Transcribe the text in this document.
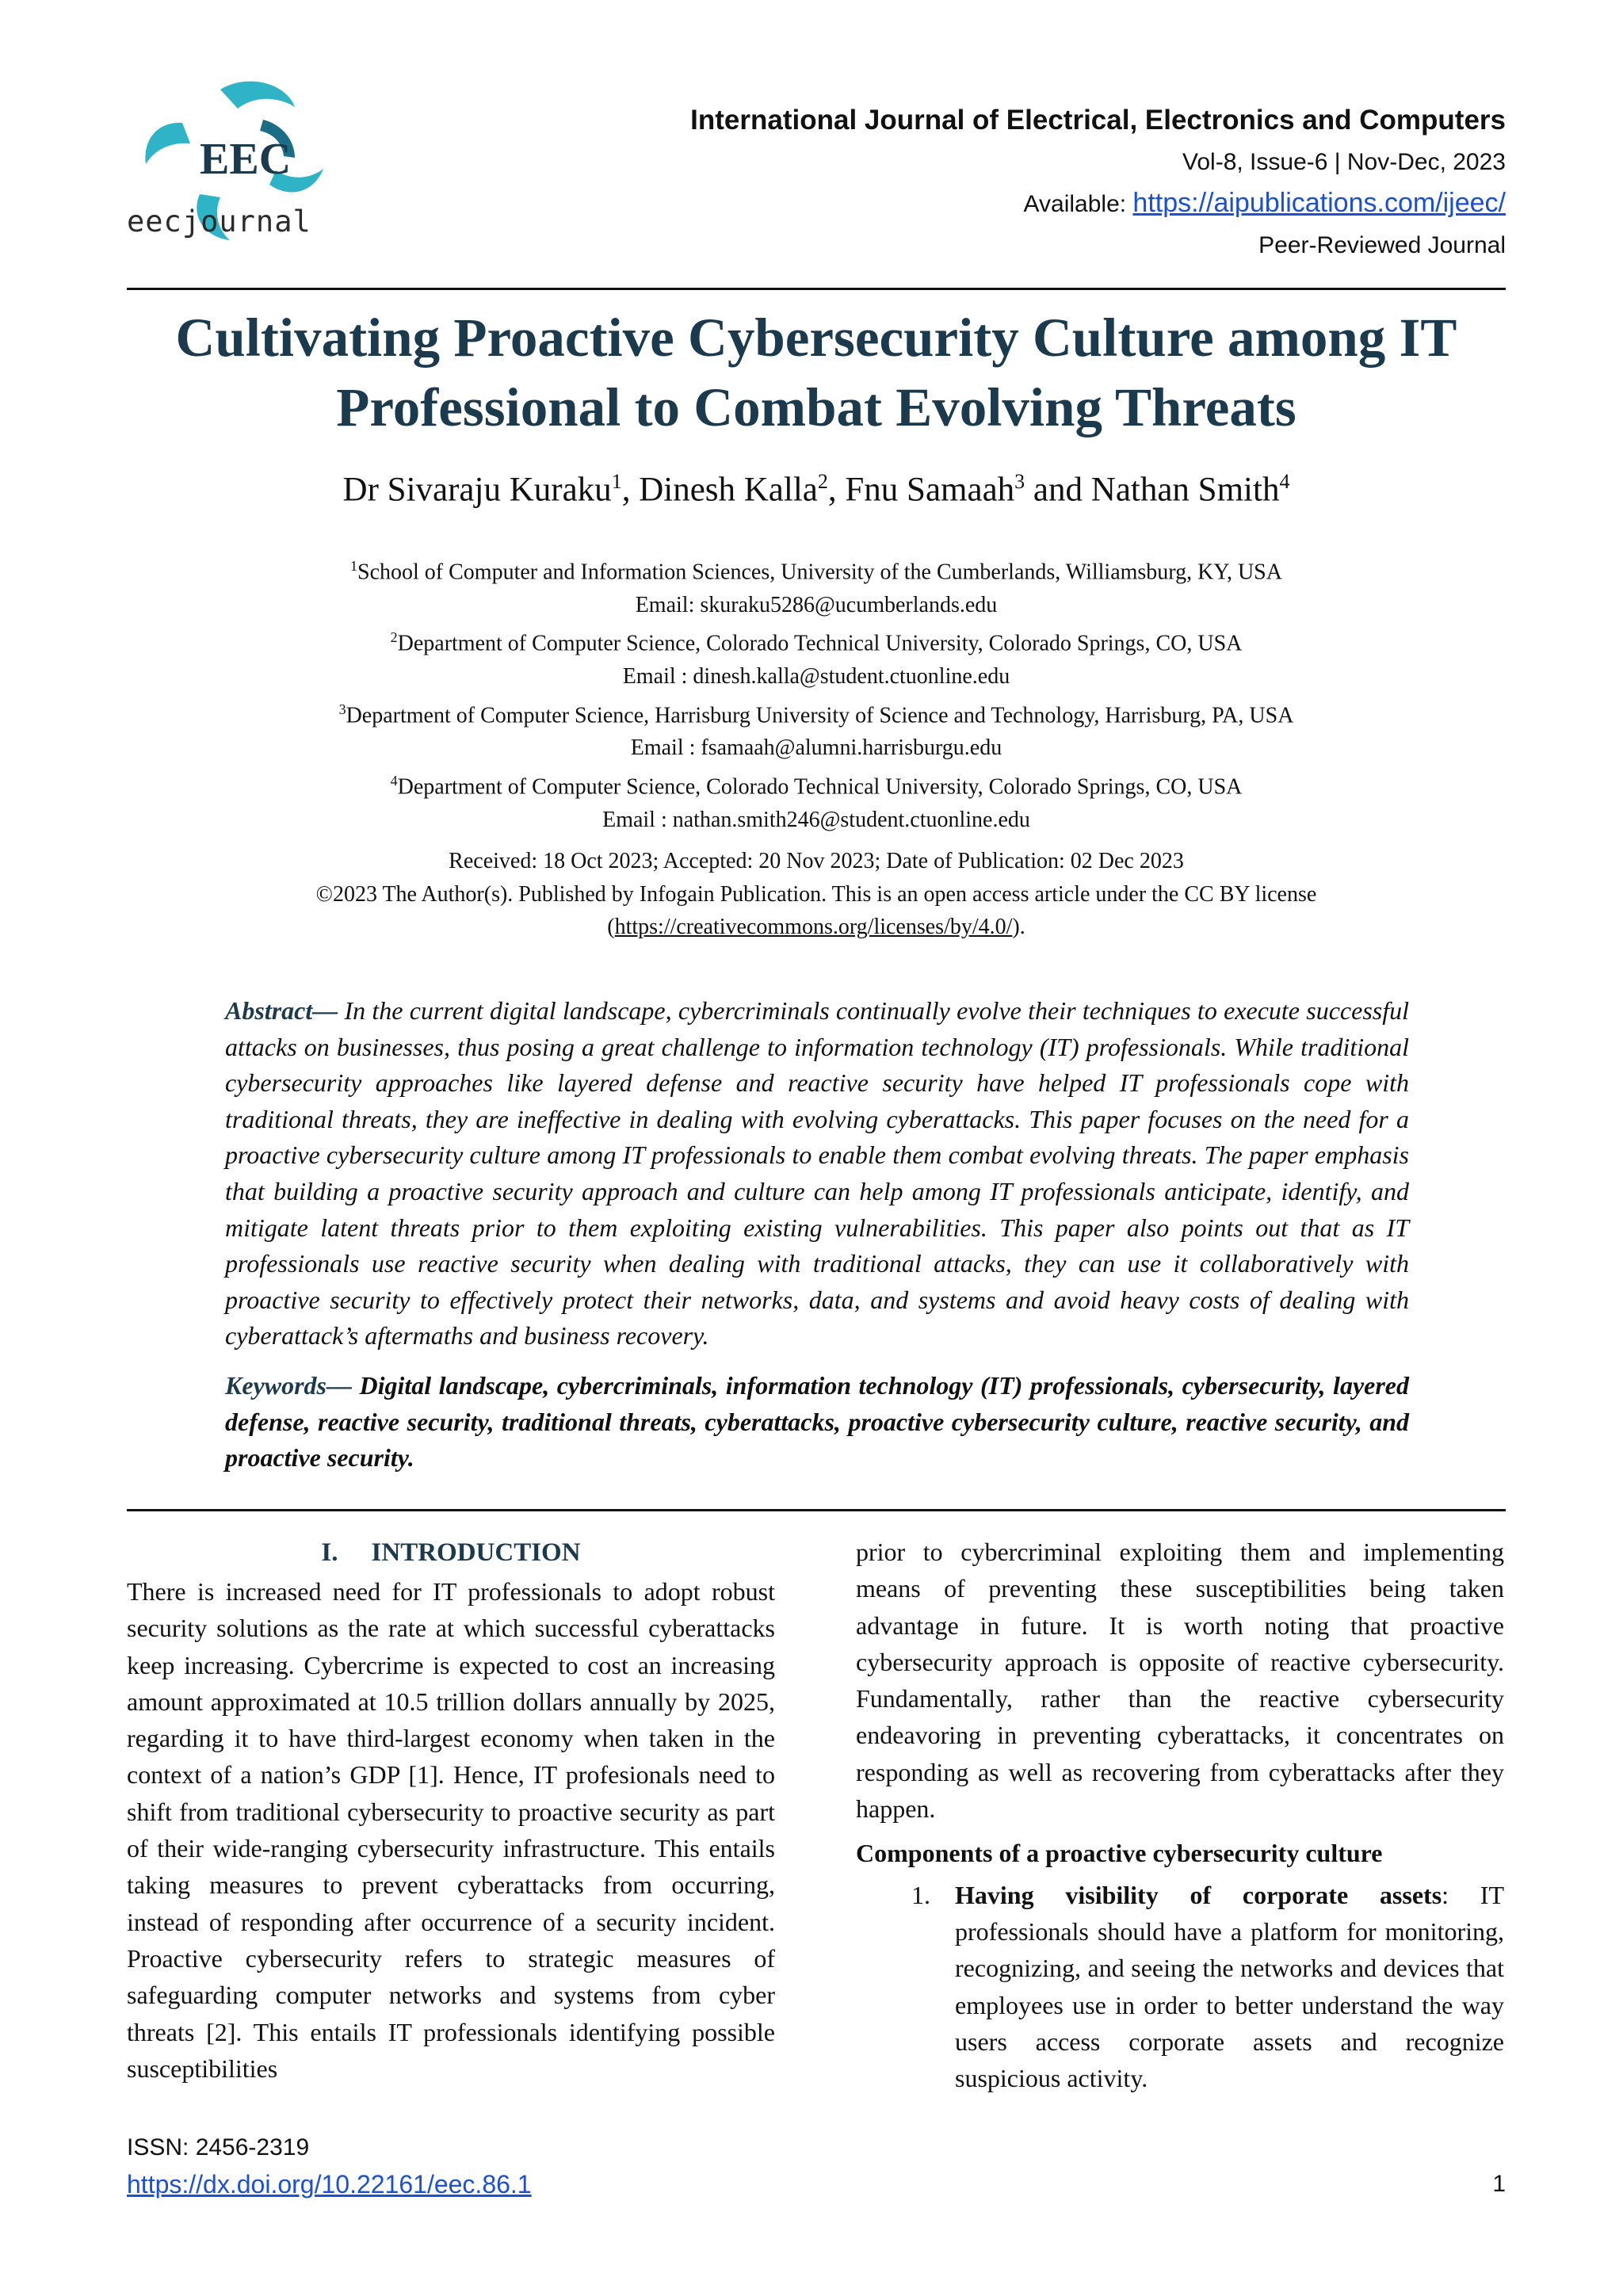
EEC
eecjournal
International Journal of Electrical, Electronics and Computers
Vol-8, Issue-6 | Nov-Dec, 2023
Available: https://aipublications.com/ijeec/
Peer-Reviewed Journal
Cultivating Proactive Cybersecurity Culture among IT
Professional to Combat Evolving Threats
Dr Sivaraju Kuraku$^1$, Dinesh Kalla$^2$, Fnu Samaah$^3$ and Nathan Smith$^4$
$^1$School of Computer and Information Sciences, University of the Cumberlands, Williamsburg, KY, USA
Email: skuraku5286@ucumberlands.edu
$^2$Department of Computer Science, Colorado Technical University, Colorado Springs, CO, USA
Email : dinesh.kalla@student.ctuonline.edu
$^3$Department of Computer Science, Harrisburg University of Science and Technology, Harrisburg, PA, USA
Email : fsamaah@alumni.harrisburgu.edu
$^4$Department of Computer Science, Colorado Technical University, Colorado Springs, CO, USA
Email : nathan.smith246@student.ctuonline.edu
Received: 18 Oct 2023; Accepted: 20 Nov 2023; Date of Publication: 02 Dec 2023
©2023 The Author(s). Published by Infogain Publication. This is an open access article under the CC BY license
(https://creativecommons.org/licenses/by/4.0/).
Abstract— In the current digital landscape, cybercriminals continually evolve their techniques to execute successful attacks on businesses, thus posing a great challenge to information technology (IT) professionals. While traditional cybersecurity approaches like layered defense and reactive security have helped IT professionals cope with traditional threats, they are ineffective in dealing with evolving cyberattacks. This paper focuses on the need for a proactive cybersecurity culture among IT professionals to enable them combat evolving threats. The paper emphasis that building a proactive security approach and culture can help among IT professionals anticipate, identify, and mitigate latent threats prior to them exploiting existing vulnerabilities. This paper also points out that as IT professionals use reactive security when dealing with traditional attacks, they can use it collaboratively with proactive security to effectively protect their networks, data, and systems and avoid heavy costs of dealing with cyberattack’s aftermaths and business recovery.
Keywords— Digital landscape, cybercriminals, information technology (IT) professionals, cybersecurity, layered defense, reactive security, traditional threats, cyberattacks, proactive cybersecurity culture, reactive security, and proactive security.
I. INTRODUCTION

There is increased need for IT professionals to adopt robust security solutions as the rate at which successful cyberattacks keep increasing. Cybercrime is expected to cost an increasing amount approximated at 10.5 trillion dollars annually by 2025, regarding it to have third-largest economy when taken in the context of a nation’s GDP [1]. Hence, IT profesionals need to shift from traditional cybersecurity to proactive security as part of their wide-ranging cybersecurity infrastructure. This entails taking measures to prevent cyberattacks from occurring, instead of responding after occurrence of a security incident. Proactive cybersecurity refers to strategic measures of safeguarding computer networks and systems from cyber threats [2]. This entails IT professionals identifying possible susceptibilities

prior to cybercriminal exploiting them and implementing means of preventing these susceptibilities being taken advantage in future. It is worth noting that proactive cybersecurity approach is opposite of reactive cybersecurity. Fundamentally, rather than the reactive cybersecurity endeavoring in preventing cyberattacks, it concentrates on responding as well as recovering from cyberattacks after they happen.

Components of a proactive cybersecurity culture
1. Having visibility of corporate assets: IT professionals should have a platform for monitoring, recognizing, and seeing the networks and devices that employees use in order to better understand the way users access corporate assets and recognize suspicious activity.
ISSN: 2456-2319
https://dx.doi.org/10.22161/eec.86.1	1
